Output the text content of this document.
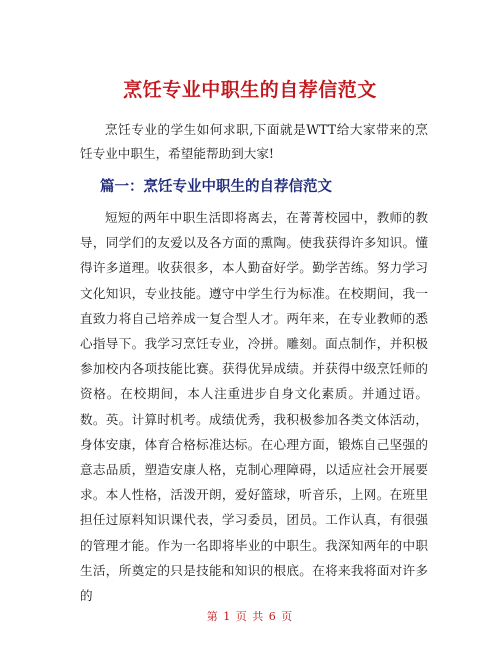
烹饪专业中职生的自荐信范文

烹饪专业的学生如何求职,下面就是WTT给大家带来的烹饪专业中职生，希望能帮助到大家!

篇一：烹饪专业中职生的自荐信范文

短短的两年中职生活即将离去，在菁菁校园中，教师的教导，同学们的友爱以及各方面的熏陶。使我获得许多知识。懂得许多道理。收获很多，本人勤奋好学。勤学苦练。努力学习文化知识，专业技能。遵守中学生行为标准。在校期间，我一直致力将自己培养成一复合型人才。两年来，在专业教师的悉心指导下。我学习烹饪专业，冷拼。雕刻。面点制作，并积极参加校内各项技能比赛。获得优异成绩。并获得中级烹饪师的资格。在校期间，本人注重进步自身文化素质。并通过语。数。英。计算时机考。成绩优秀，我积极参加各类文体活动，身体安康，体育合格标准达标。在心理方面，锻炼自己坚强的意志品质，塑造安康人格，克制心理障碍，以适应社会开展要求。本人性格，活泼开朗，爱好篮球，听音乐，上网。在班里担任过原料知识课代表，学习委员，团员。工作认真，有很强的管理才能。作为一名即将毕业的中职生。我深知两年的中职生活，所奠定的只是技能和知识的根底。在将来我将面对许多的

第 1 页 共 6 页
